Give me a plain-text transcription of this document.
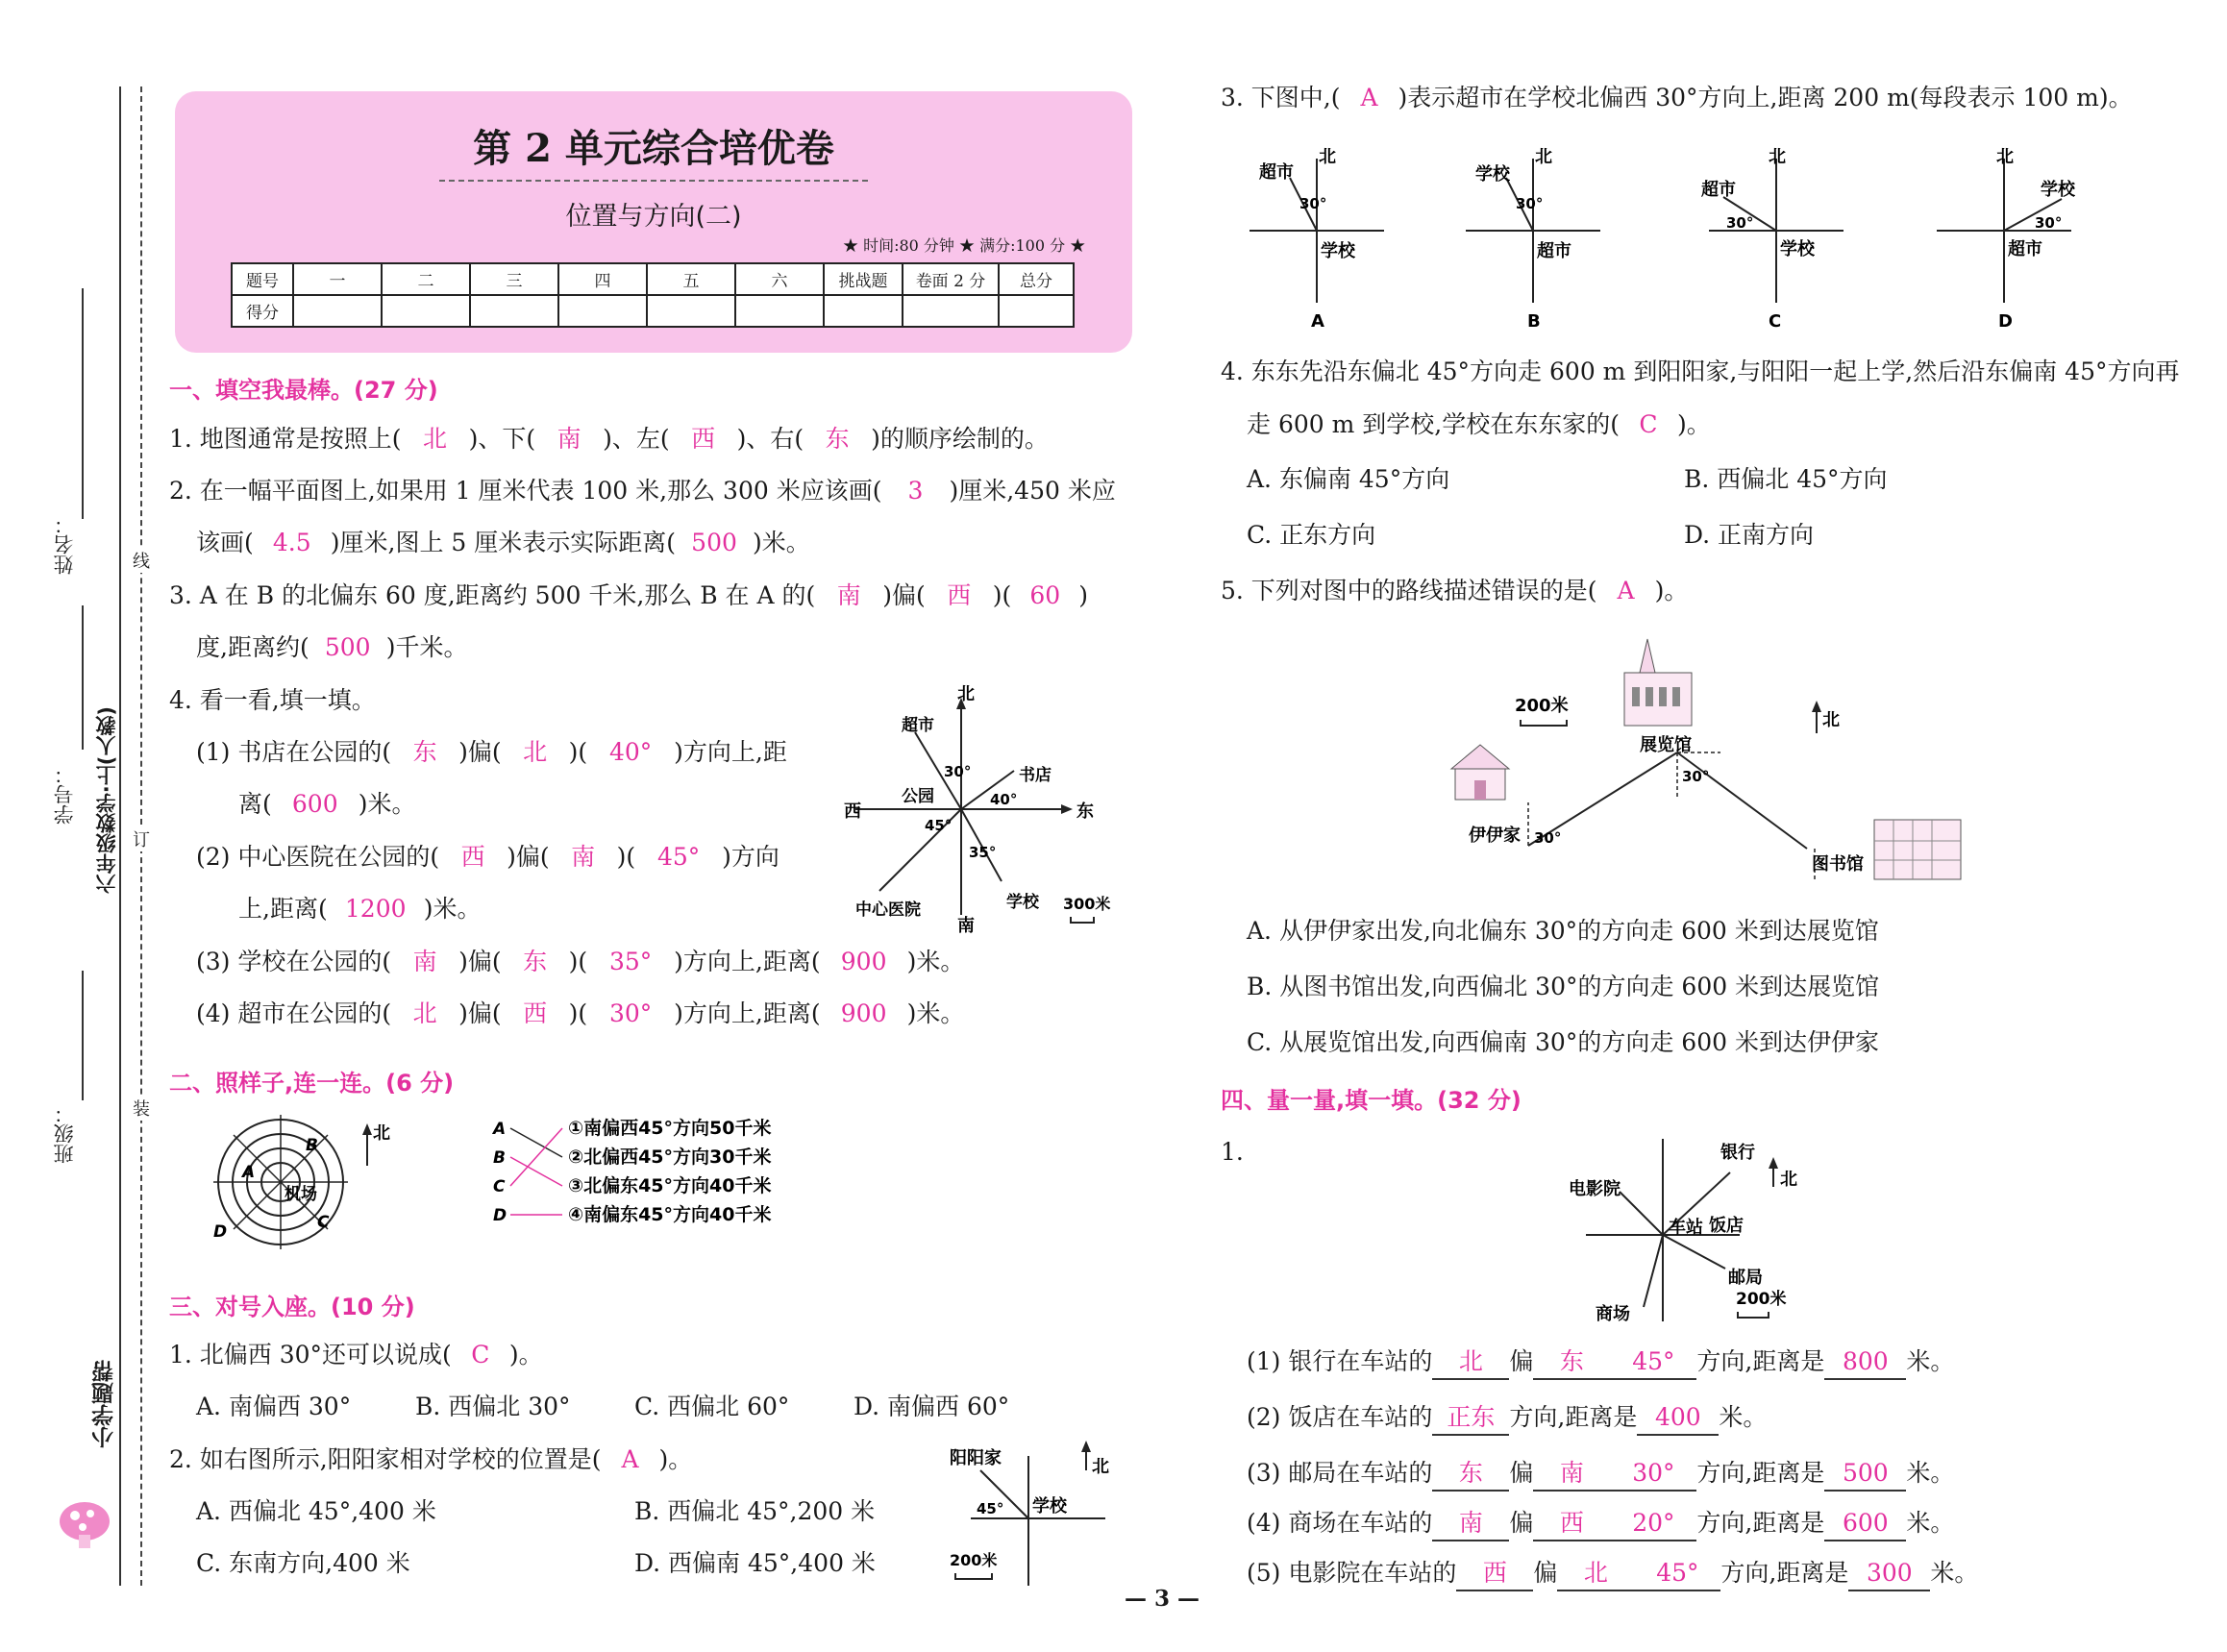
姓名：	线
订
装
学号： 六年级数学·上(人教)
班级：
小学题帮
第 2 单元综合培优卷
位置与方向(二)
★ 时间:80 分钟 ★ 满分:100 分 ★
题号	一	二	三	四	五	六	挑战题	卷面 2 分	总分
得分									
一、填空我最棒。(27 分)
1. 地图通常是按照上( 北 )、下( 南 )、左( 西 )、右( 东 )的顺序绘制的。
2. 在一幅平面图上,如果用 1 厘米代表 100 米,那么 300 米应该画( 3 )厘米,450 米应
该画( 4.5 )厘米,图上 5 厘米表示实际距离( 500 )米。
3. A 在 B 的北偏东 60 度,距离约 500 千米,那么 B 在 A 的( 南 )偏( 西 )( 60 )
度,距离约( 500 )千米。
4. 看一看,填一填。
(1) 书店在公园的( 东 )偏( 北 )( 40° )方向上,距
离( 600 )米。
(2) 中心医院在公园的( 西 )偏( 南 )( 45° )方向
上,距离( 1200 )米。
(3) 学校在公园的( 南 )偏( 东 )( 35° )方向上,距离( 900 )米。
(4) 超市在公园的( 北 )偏( 西 )( 30° )方向上,距离( 900 )米。
北
东
西
南
公园
超市
书店
中心医院	学校
30°
40°
45°
35°
300米
二、照样子,连一连。(6 分)
北
机场
A
B
C
D
A
B
C
D
①南偏西45°方向50千米
②北偏西45°方向30千米
③北偏东45°方向40千米
④南偏东45°方向40千米
三、对号入座。(10 分)
1. 北偏西 30°还可以说成( C )。
A. 南偏西 30°	B. 西偏北 30°	C. 西偏北 60°	D. 南偏西 60°
2. 如右图所示,阳阳家相对学校的位置是( A )。
A. 西偏北 45°,400 米	B. 西偏北 45°,200 米
C. 东南方向,400 米	D. 西偏南 45°,400 米
北
阳阳家
学校
45°
200米
3. 下图中,( A )表示超市在学校北偏西 30°方向上,距离 200 m(每段表示 100 m)。
北
超市
学校
30°
A
北
学校
超市
30°
B
北
超市
学校
30°
C
北
学校
超市
30°
D
4. 东东先沿东偏北 45°方向走 600 m 到阳阳家,与阳阳一起上学,然后沿东偏南 45°方向再
走 600 m 到学校,学校在东东家的( C )。
A. 东偏南 45°方向	B. 西偏北 45°方向
C. 正东方向	D. 正南方向
5. 下列对图中的路线描述错误的是( A )。
200米
北
展览馆
伊伊家
图书馆
30°
30°
A. 从伊伊家出发,向北偏东 30°的方向走 600 米到达展览馆
B. 从图书馆出发,向西偏北 30°的方向走 600 米到达展览馆
C. 从展览馆出发,向西偏南 30°的方向走 600 米到达伊伊家
四、量一量,填一填。(32 分)
1.
北
银行
电影院
车站 饭店
邮局
商场
200米
(1) 银行在车站的 北 偏 东 45° 方向,距离是 800 米。
(2) 饭店在车站的 正东 方向,距离是 400 米。
(3) 邮局在车站的 东 偏 南 30° 方向,距离是 500 米。
(4) 商场在车站的 南 偏 西 20° 方向,距离是 600 米。
(5) 电影院在车站的 西 偏 北 45° 方向,距离是 300 米。
— 3 —
